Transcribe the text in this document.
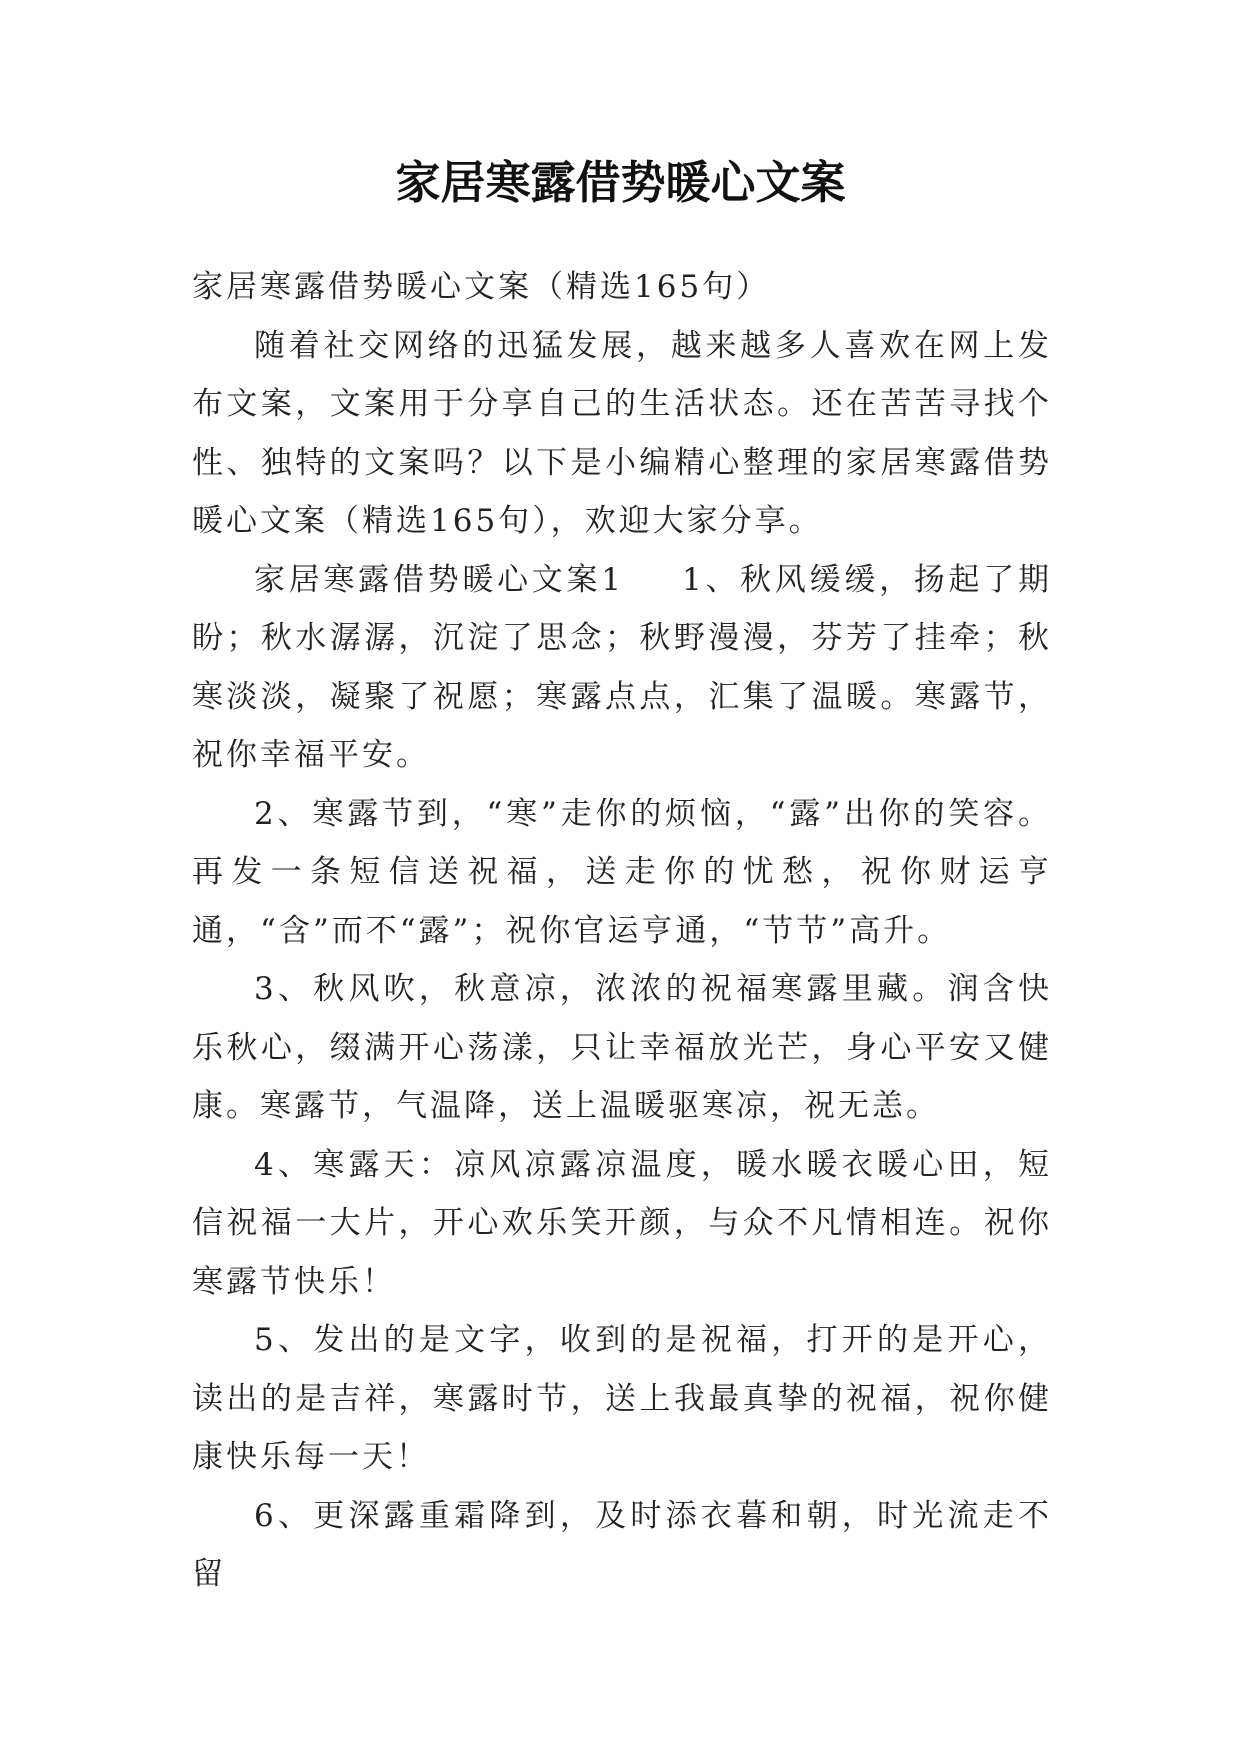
家居寒露借势暖心文案

家居寒露借势暖心文案（精选165句）

随着社交网络的迅猛发展，越来越多人喜欢在网上发布文案，文案用于分享自己的生活状态。还在苦苦寻找个性、独特的文案吗？以下是小编精心整理的家居寒露借势暖心文案（精选165句），欢迎大家分享。

家居寒露借势暖心文案1 1、秋风缓缓，扬起了期盼；秋水潺潺，沉淀了思念；秋野漫漫，芬芳了挂牵；秋寒淡淡，凝聚了祝愿；寒露点点，汇集了温暖。寒露节，祝你幸福平安。

2、寒露节到，“寒”走你的烦恼，“露”出你的笑容。再发一条短信送祝福，送走你的忧愁，祝你财运亨通，“含”而不“露”；祝你官运亨通，“节节”高升。

3、秋风吹，秋意凉，浓浓的祝福寒露里藏。润含快乐秋心，缀满开心荡漾，只让幸福放光芒，身心平安又健康。寒露节，气温降，送上温暖驱寒凉，祝无恙。

4、寒露天：凉风凉露凉温度，暖水暖衣暖心田，短信祝福一大片，开心欢乐笑开颜，与众不凡情相连。祝你寒露节快乐！

5、发出的是文字，收到的是祝福，打开的是开心，读出的是吉祥，寒露时节，送上我最真挚的祝福，祝你健康快乐每一天！

6、更深露重霜降到，及时添衣暮和朝，时光流走不留
